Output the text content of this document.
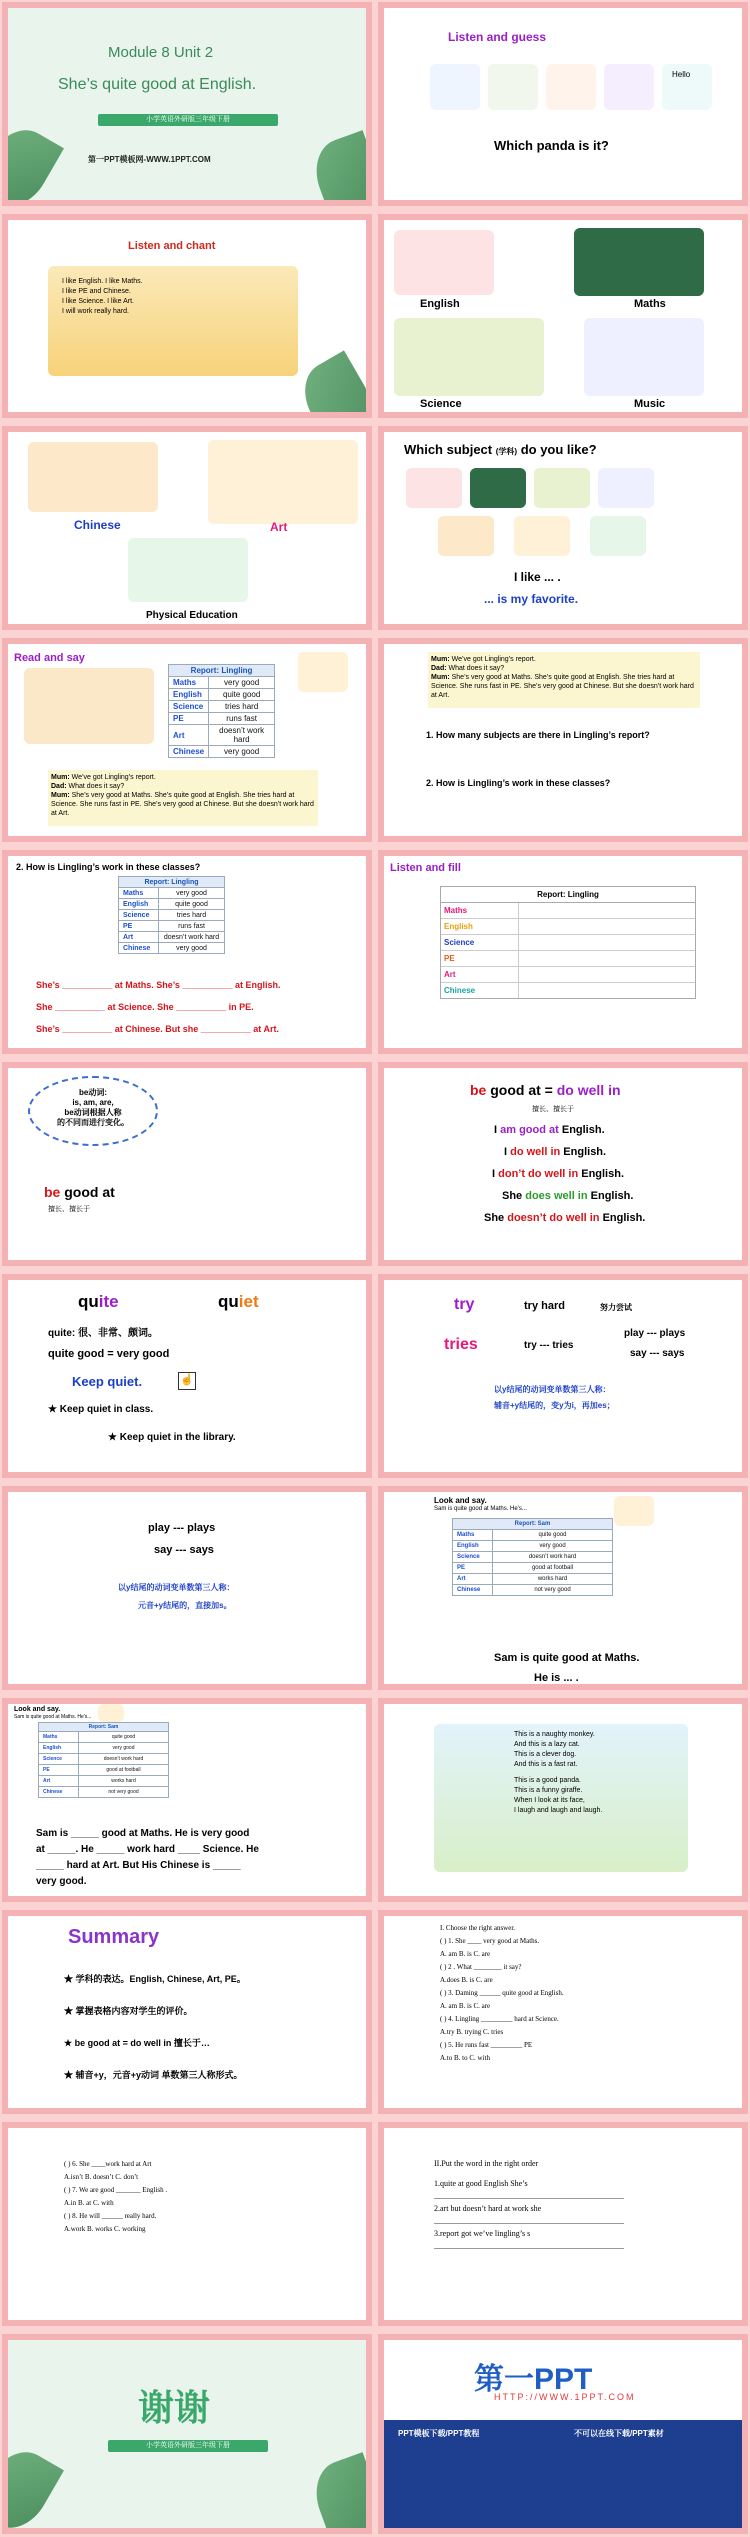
Module 8 Unit 2
She’s quite good at English.
小学英语外研版三年级下册
第一PPT模板网-WWW.1PPT.COM
Listen and guess
Hello
Which panda is it?
Listen and chant
I like English. I like Maths.
I like PE and Chinese.
I like Science. I like Art.
I will work really hard.
English	Maths
Science	Music
Chinese	Art
Physical Education
Which subject (学科) do you like?
I like ... .
... is my favorite.
Read and say
Report: Lingling	
Maths	very good
English	quite good
Science	tries hard
PE	runs fast
Art	doesn’t work hard
Chinese	very good
Mum: We’ve got Lingling’s report.
Dad: What does it say?
Mum: She’s very good at Maths. She’s quite good at English. She tries hard at Science. She runs fast in PE. She’s very good at Chinese. But she doesn’t work hard at Art.
Mum: We’ve got Lingling’s report.
Dad: What does it say?
Mum: She’s very good at Maths. She’s quite good at English. She tries hard at Science. She runs fast in PE. She’s very good at Chinese. But she doesn’t work hard at Art.
1. How many subjects are there in Lingling’s report?
2. How is Lingling’s work in these classes?
2. How is Lingling’s work in these classes?
Report: Lingling	
Maths	very good
English	quite good
Science	tries hard
PE	runs fast
Art	doesn’t work hard
Chinese	very good
She’s __________ at Maths. She’s __________ at English.
She __________ at Science. She __________ in PE.
She’s __________ at Chinese. But she __________ at Art.
Listen and fill
Report: Lingling
Maths
English
Science
PE
Art
Chinese
be动词:
is, am, are,
be动词根据人称
的不同而进行变化。
be good at
擅长、擅长于
be good at = do well in
擅长、擅长于
I am good at English.
I do well in English.
I don’t do well in English.
She does well in English.
She doesn’t do well in English.
quite	quiet
quite: 很、非常、颇词。
quite good = very good
Keep quiet.	☝
★ Keep quiet in class.
★ Keep quiet in the library.
try	try hard	努力尝试
tries	try --- tries
play --- plays
say --- says
以y结尾的动词变单数第三人称：
辅音+y结尾的，变y为i，再加es；
play --- plays
say --- says
以y结尾的动词变单数第三人称：
元音+y结尾的，直接加s。
Look and say.
Sam is quite good at Maths. He’s...
Report: Sam	
Maths	quite good
English	very good
Science	doesn’t work hard
PE	good at football
Art	works hard
Chinese	not very good
Sam is quite good at Maths.
He is ... .
Look and say.
Sam is quite good at Maths. He’s...
Report: Sam	
Maths	quite good
English	very good
Science	doesn’t work hard
PE	good at football
Art	works hard
Chinese	not very good
Sam is _____ good at Maths. He is very good
at _____. He _____ work hard ____ Science. He
_____ hard at Art. But His Chinese is _____
very good.
This is a naughty monkey.
And this is a lazy cat.
This is a clever dog.
And this is a fast rat.
This is a good panda.
This is a funny giraffe.
When I look at its face,
I laugh and laugh and laugh.
Summary
★ 学科的表达。English, Chinese, Art, PE。
★ 掌握表格内容对学生的评价。
★ be good at = do well in 擅长于…
★ 辅音+y，元音+y动词 单数第三人称形式。
I. Choose the right answer.
( ) 1. She ____ very good at Maths.
A. am B. is C. are
( ) 2 . What ________ it say?
A.does B. is C. are
( ) 3. Daming ______ quite good at English.
A. am B. is C. are
( ) 4. Lingling _________ hard at Science.
A.try B. trying C. tries
( ) 5. He runs fast _________ PE
A.to B. to C. with
( ) 6. She ____work hard at Art
A.isn’t B. doesn’t C. don’t
( ) 7. We are good _______ English .
A.in B. at C. with
( ) 8. He will ______ really hard.
A.work B. works C. working
II.Put the word in the right order
1.quite at good English She’s
2.art but doesn’t hard at work she
3.report got we’ve lingling’s s
谢谢
小学英语外研版三年级下册
第一PPT
HTTP://WWW.1PPT.COM
PPT模板下载/PPT教程	不可以在线下载/PPT素材
